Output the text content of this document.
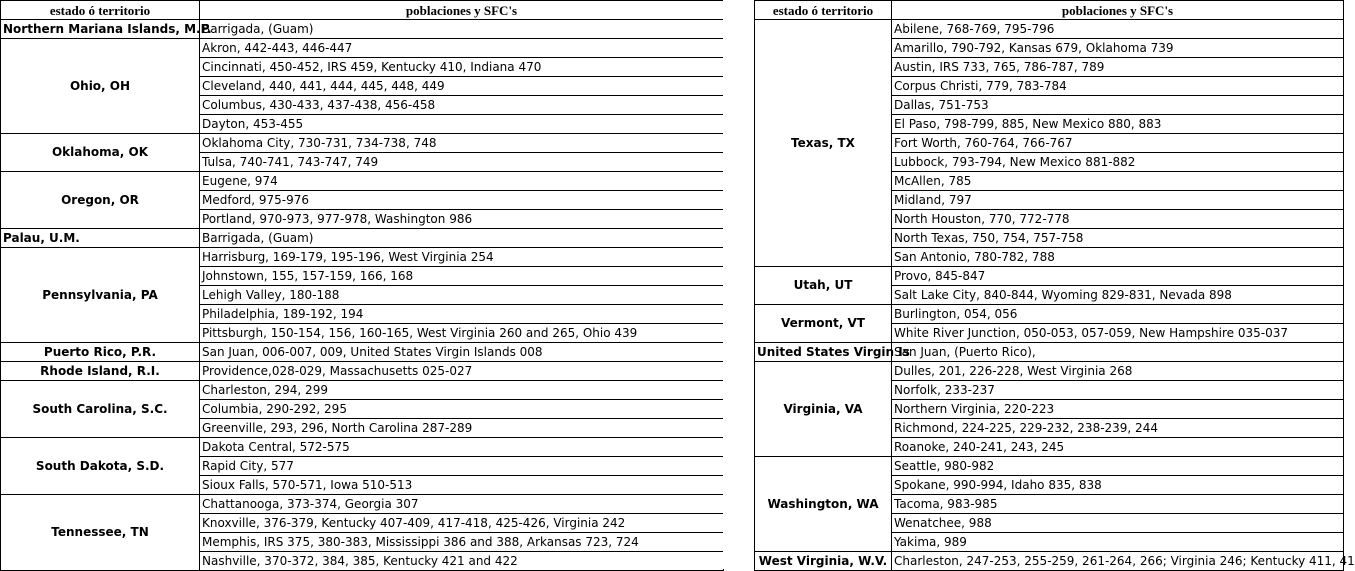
estado ó territorio	poblaciones y SFC's
Northern Mariana Islands, M.P.	Barrigada, (Guam)
Ohio, OH	Akron, 442-443, 446-447
	Cincinnati, 450-452, IRS 459, Kentucky 410, Indiana 470
	Cleveland, 440, 441, 444, 445, 448, 449
	Columbus, 430-433, 437-438, 456-458
	Dayton, 453-455
Oklahoma, OK	Oklahoma City, 730-731, 734-738, 748
	Tulsa, 740-741, 743-747, 749
Oregon, OR	Eugene, 974
	Medford, 975-976
	Portland, 970-973, 977-978, Washington 986
Palau, U.M.	Barrigada, (Guam)
Pennsylvania, PA	Harrisburg, 169-179, 195-196, West Virginia 254
	Johnstown, 155, 157-159, 166, 168
	Lehigh Valley, 180-188
	Philadelphia, 189-192, 194
	Pittsburgh, 150-154, 156, 160-165, West Virginia 260 and 265, Ohio 439
Puerto Rico, P.R.	San Juan, 006-007, 009, United States Virgin Islands 008
Rhode Island, R.I.	Providence,028-029, Massachusetts 025-027
South Carolina, S.C.	Charleston, 294, 299
	Columbia, 290-292, 295
	Greenville, 293, 296, North Carolina 287-289
South Dakota, S.D.	Dakota Central, 572-575
	Rapid City, 577
	Sioux Falls, 570-571, Iowa 510-513
Tennessee, TN	Chattanooga, 373-374, Georgia 307
	Knoxville, 376-379, Kentucky 407-409, 417-418, 425-426, Virginia 242
	Memphis, IRS 375, 380-383, Mississippi 386 and 388, Arkansas 723, 724
	Nashville, 370-372, 384, 385, Kentucky 421 and 422
estado ó territorio	poblaciones y SFC's
Texas, TX	Abilene, 768-769, 795-796
	Amarillo, 790-792, Kansas 679, Oklahoma 739
	Austin, IRS 733, 765, 786-787, 789
	Corpus Christi, 779, 783-784
	Dallas, 751-753
	El Paso, 798-799, 885, New Mexico 880, 883
	Fort Worth, 760-764, 766-767
	Lubbock, 793-794, New Mexico 881-882
	McAllen, 785
	Midland, 797
	North Houston, 770, 772-778
	North Texas, 750, 754, 757-758
	San Antonio, 780-782, 788
Utah, UT	Provo, 845-847
	Salt Lake City, 840-844, Wyoming 829-831, Nevada 898
Vermont, VT	Burlington, 054, 056
	White River Junction, 050-053, 057-059, New Hampshire 035-037
United States Virgin Is	San Juan, (Puerto Rico),
Virginia, VA	Dulles, 201, 226-228, West Virginia 268
	Norfolk, 233-237
	Northern Virginia, 220-223
	Richmond, 224-225, 229-232, 238-239, 244
	Roanoke, 240-241, 243, 245
Washington, WA	Seattle, 980-982
	Spokane, 990-994, Idaho 835, 838
	Tacoma, 983-985
	Wenatchee, 988
	Yakima, 989
West Virginia, W.V.	Charleston, 247-253, 255-259, 261-264, 266; Virginia 246; Kentucky 411, 41
